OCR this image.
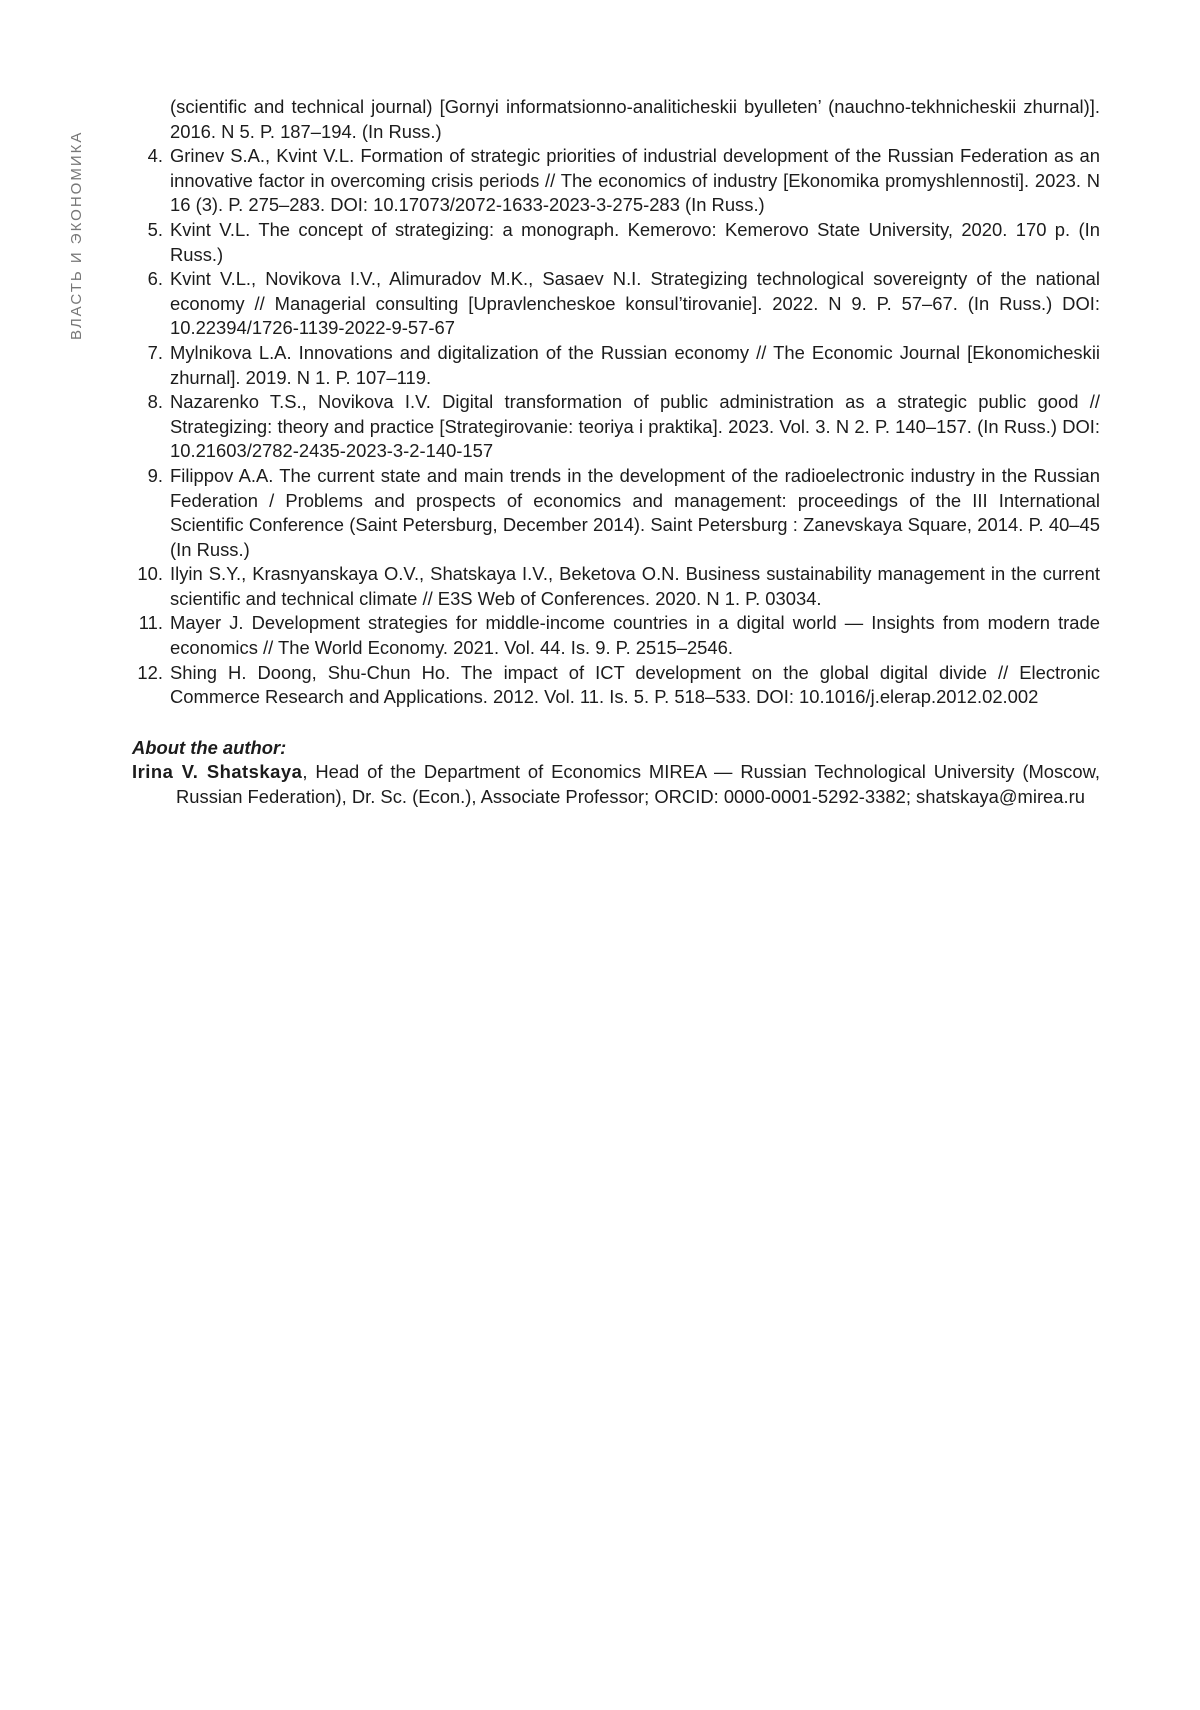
ВЛАСТЬ И ЭКОНОМИКА
(scientific and technical journal) [Gornyi informatsionno-analiticheskii byulleten’ (nauchno-tekhnicheskii zhurnal)]. 2016. N 5. P. 187–194. (In Russ.)
4. Grinev S.A., Kvint V.L. Formation of strategic priorities of industrial development of the Russian Federation as an innovative factor in overcoming crisis periods // The economics of industry [Ekonomika promyshlennosti]. 2023. N 16 (3). P. 275–283. DOI: 10.17073/2072-1633-2023-3-275-283 (In Russ.)
5. Kvint V.L. The concept of strategizing: a monograph. Kemerovo: Kemerovo State University, 2020. 170 p. (In Russ.)
6. Kvint V.L., Novikova I.V., Alimuradov M.K., Sasaev N.I. Strategizing technological sovereignty of the national economy // Managerial consulting [Upravlencheskoe konsul’tirovanie]. 2022. N 9. P. 57–67. (In Russ.) DOI: 10.22394/1726-1139-2022-9-57-67
7. Mylnikova L.A. Innovations and digitalization of the Russian economy // The Economic Journal [Ekonomicheskii zhurnal]. 2019. N 1. P. 107–119.
8. Nazarenko T.S., Novikova I.V. Digital transformation of public administration as a strategic public good // Strategizing: theory and practice [Strategirovanie: teoriya i praktika]. 2023. Vol. 3. N 2. P. 140–157. (In Russ.) DOI: 10.21603/2782-2435-2023-3-2-140-157
9. Filippov A.A. The current state and main trends in the development of the radioelectronic industry in the Russian Federation / Problems and prospects of economics and management: proceedings of the III International Scientific Conference (Saint Petersburg, December 2014). Saint Petersburg : Zanevskaya Square, 2014. P. 40–45 (In Russ.)
10. Ilyin S.Y., Krasnyanskaya O.V., Shatskaya I.V., Beketova O.N. Business sustainability management in the current scientific and technical climate // E3S Web of Conferences. 2020. N 1. P. 03034.
11. Mayer J. Development strategies for middle-income countries in a digital world — Insights from modern trade economics // The World Economy. 2021. Vol. 44. Is. 9. P. 2515–2546.
12. Shing H. Doong, Shu-Chun Ho. The impact of ICT development on the global digital divide // Electronic Commerce Research and Applications. 2012. Vol. 11. Is. 5. P. 518–533. DOI: 10.1016/j.elerap.2012.02.002
About the author:
Irina V. Shatskaya, Head of the Department of Economics MIREA — Russian Technological University (Moscow, Russian Federation), Dr. Sc. (Econ.), Associate Professor; ORCID: 0000-0001-5292-3382; shatskaya@mirea.ru
